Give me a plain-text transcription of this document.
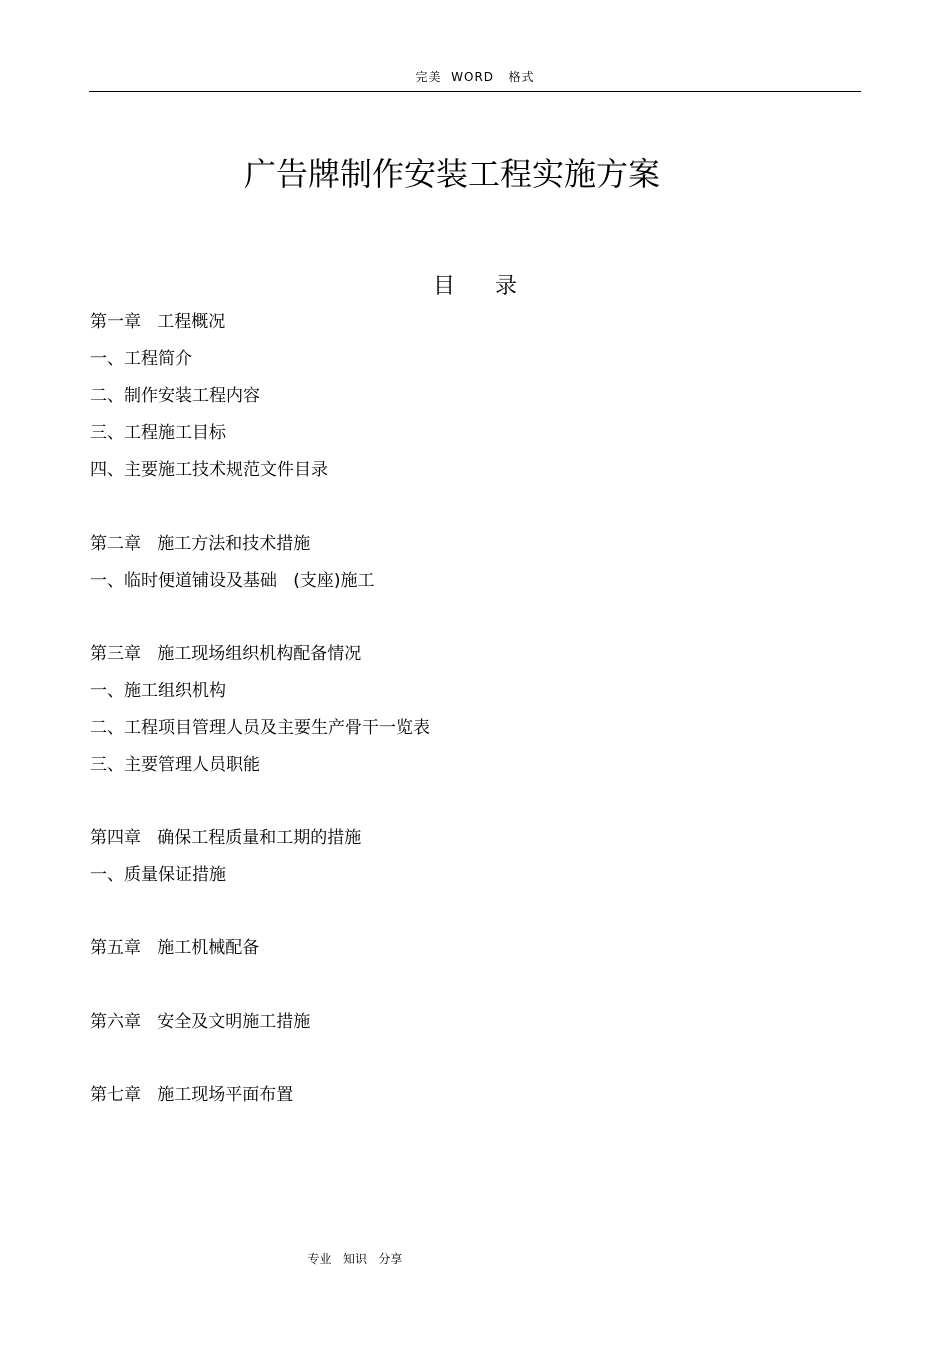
完美  WORD   格式
广告牌制作安装工程实施方案
目录
第一章   工程概况
一、工程简介
二、制作安装工程内容
三、工程施工目标
四、主要施工技术规范文件目录
第二章   施工方法和技术措施
一、临时便道铺设及基础   (支座)施工
第三章   施工现场组织机构配备情况
一、施工组织机构
二、工程项目管理人员及主要生产骨干一览表
三、主要管理人员职能
第四章   确保工程质量和工期的措施
一、质量保证措施
第五章   施工机械配备
第六章   安全及文明施工措施
第七章   施工现场平面布置
专业   知识   分享
